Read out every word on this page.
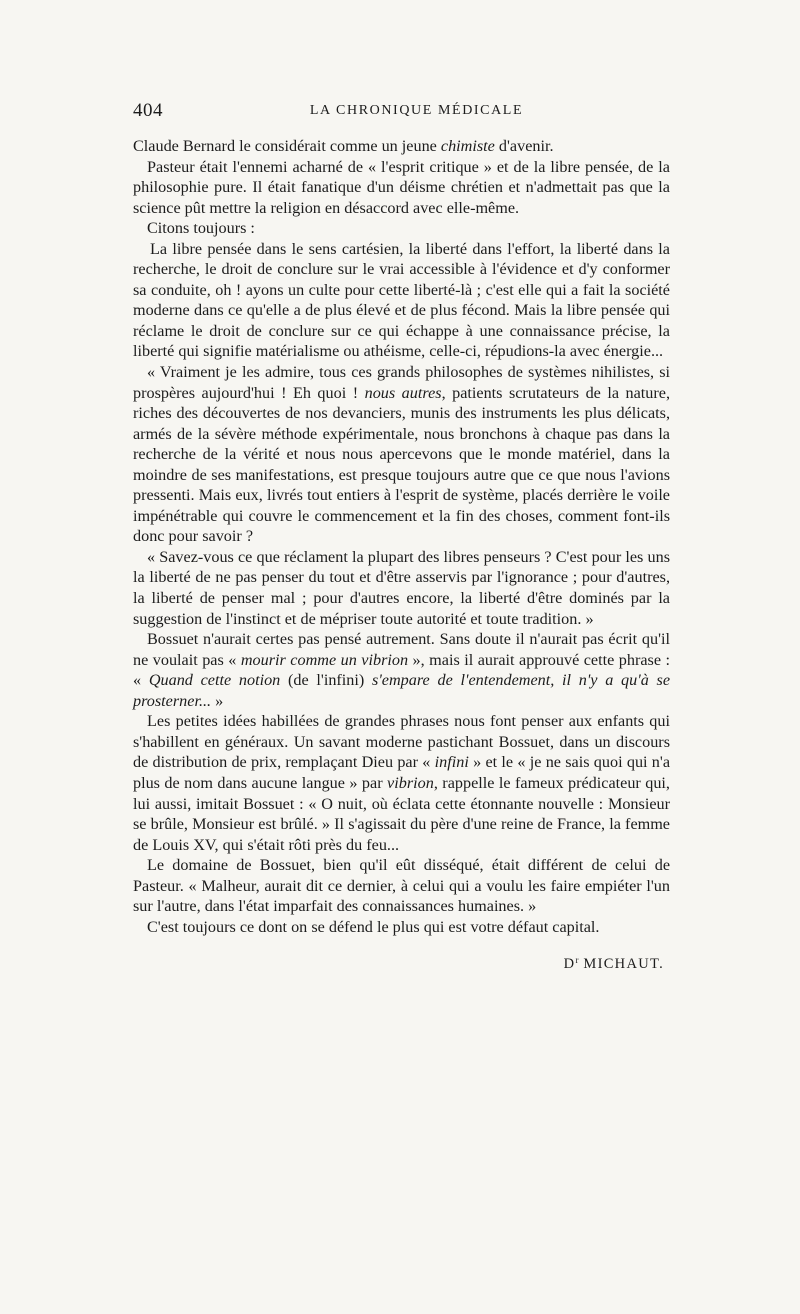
404	LA CHRONIQUE MÉDICALE

Claude Bernard le considérait comme un jeune chimiste d'avenir.

Pasteur était l'ennemi acharné de « l'esprit critique » et de la libre pensée, de la philosophie pure. Il était fanatique d'un déisme chrétien et n'admettait pas que la science pût mettre la religion en désaccord avec elle-même.

Citons toujours :

La libre pensée dans le sens cartésien, la liberté dans l'effort, la liberté dans la recherche, le droit de conclure sur le vrai accessible à l'évidence et d'y conformer sa conduite, oh ! ayons un culte pour cette liberté-là ; c'est elle qui a fait la société moderne dans ce qu'elle a de plus élevé et de plus fécond. Mais la libre pensée qui réclame le droit de conclure sur ce qui échappe à une connaissance précise, la liberté qui signifie matérialisme ou athéisme, celle-ci, répudions-la avec énergie...

« Vraiment je les admire, tous ces grands philosophes de systèmes nihilistes, si prospères aujourd'hui ! Eh quoi ! nous autres, patients scrutateurs de la nature, riches des découvertes de nos devanciers, munis des instruments les plus délicats, armés de la sévère méthode expérimentale, nous bronchons à chaque pas dans la recherche de la vérité et nous nous apercevons que le monde matériel, dans la moindre de ses manifestations, est presque toujours autre que ce que nous l'avions pressenti. Mais eux, livrés tout entiers à l'esprit de système, placés derrière le voile impénétrable qui couvre le commencement et la fin des choses, comment font-ils donc pour savoir ?

« Savez-vous ce que réclament la plupart des libres penseurs ? C'est pour les uns la liberté de ne pas penser du tout et d'être asservis par l'ignorance ; pour d'autres, la liberté de penser mal ; pour d'autres encore, la liberté d'être dominés par la suggestion de l'instinct et de mépriser toute autorité et toute tradition. »

Bossuet n'aurait certes pas pensé autrement. Sans doute il n'aurait pas écrit qu'il ne voulait pas « mourir comme un vibrion », mais il aurait approuvé cette phrase : « Quand cette notion (de l'infini) s'empare de l'entendement, il n'y a qu'à se prosterner... »

Les petites idées habillées de grandes phrases nous font penser aux enfants qui s'habillent en généraux. Un savant moderne pastichant Bossuet, dans un discours de distribution de prix, remplaçant Dieu par « infini » et le « je ne sais quoi qui n'a plus de nom dans aucune langue » par vibrion, rappelle le fameux prédicateur qui, lui aussi, imitait Bossuet : « O nuit, où éclata cette étonnante nouvelle : Monsieur se brûle, Monsieur est brûlé. » Il s'agissait du père d'une reine de France, la femme de Louis XV, qui s'était rôti près du feu...

Le domaine de Bossuet, bien qu'il eût disséqué, était différent de celui de Pasteur. « Malheur, aurait dit ce dernier, à celui qui a voulu les faire empiéter l'un sur l'autre, dans l'état imparfait des connaissances humaines. »

C'est toujours ce dont on se défend le plus qui est votre défaut capital.

$D^r$ MICHAUT.
